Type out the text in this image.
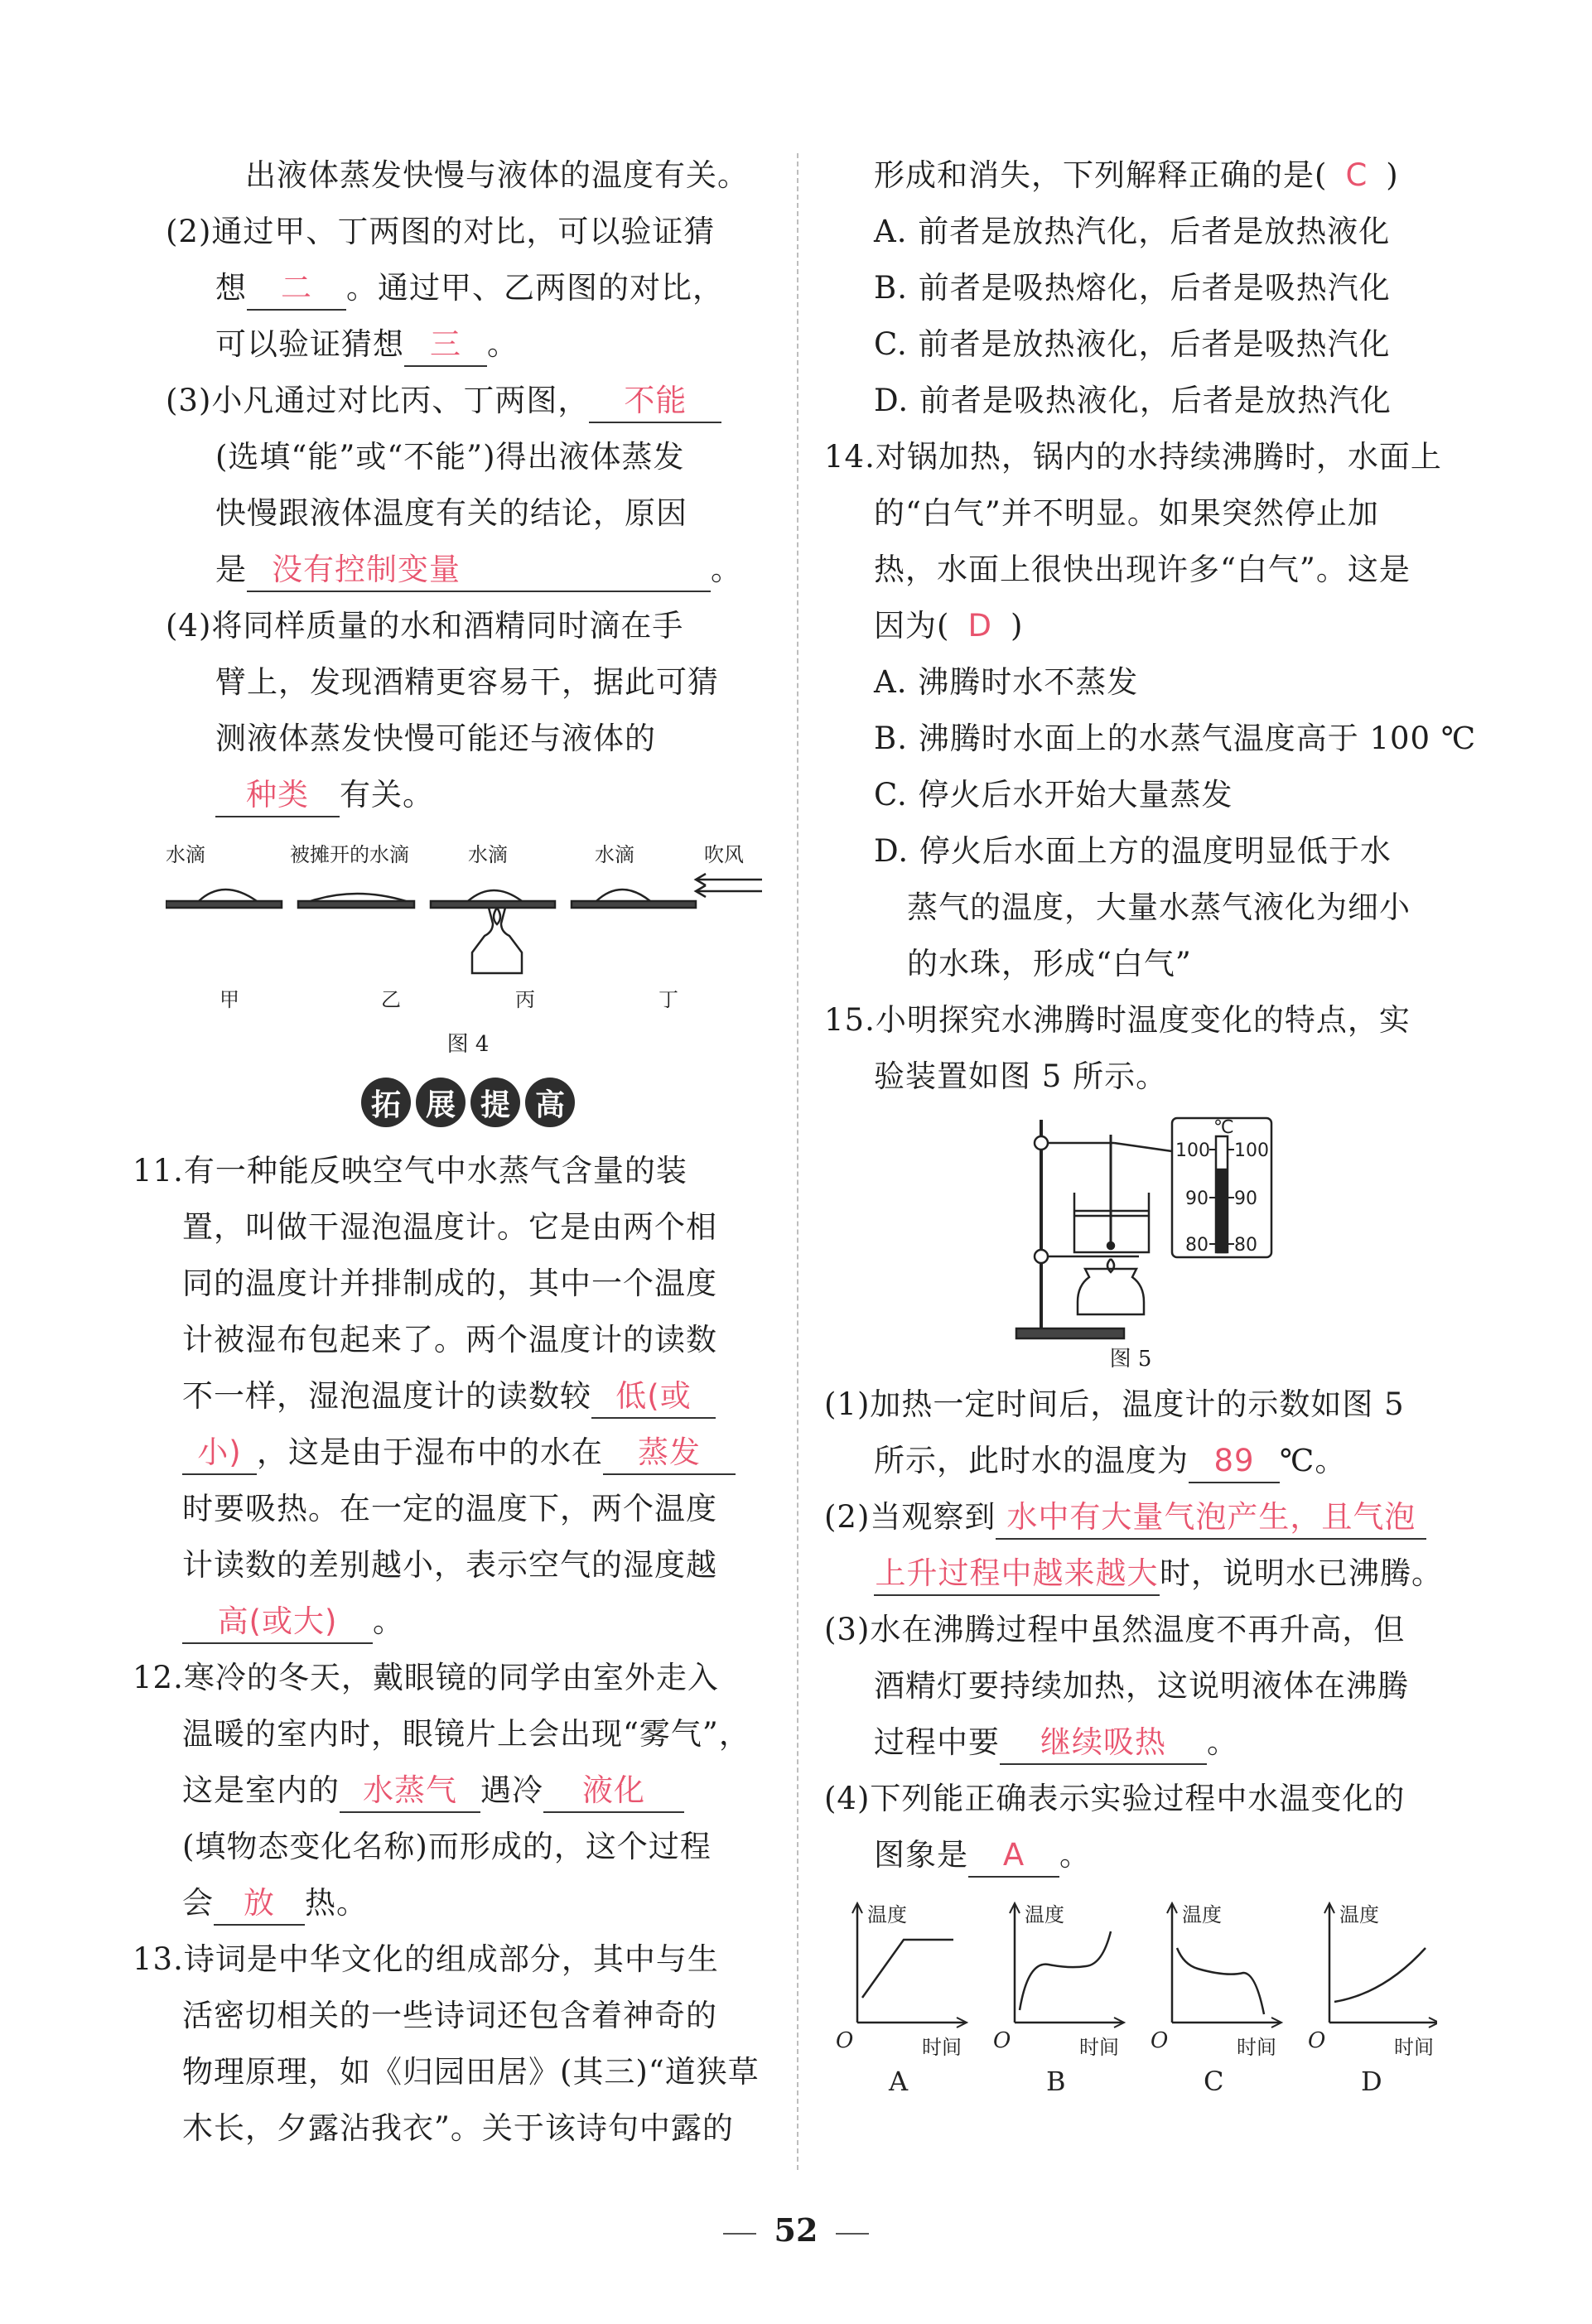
出液体蒸发快慢与液体的温度有关。

(2)通过甲、丁两图的对比，可以验证猜

想 二 。通过甲、乙两图的对比，

可以验证猜想 三 。

(3)小凡通过对比丙、丁两图， 不能

(选填“能”或“不能”)得出液体蒸发

快慢跟液体温度有关的结论，原因

是 没有控制变量	。

(4)将同样质量的水和酒精同时滴在手

臂上，发现酒精更容易干，据此可猜

测液体蒸发快慢可能还与液体的

种类 有关。

水滴	被摊开的水滴	水滴	水滴	吹风
甲	乙	丙	丁
图 4
拓 展 提 高

11.有一种能反映空气中水蒸气含量的装

置，叫做干湿泡温度计。它是由两个相

同的温度计并排制成的，其中一个温度

计被湿布包起来了。两个温度计的读数

不一样，湿泡温度计的读数较 低(或

小) ，这是由于湿布中的水在 蒸发

时要吸热。在一定的温度下，两个温度

计读数的差别越小，表示空气的湿度越

高(或大) 。

12.寒冷的冬天，戴眼镜的同学由室外走入

温暖的室内时，眼镜片上会出现“雾气”，

这是室内的 水蒸气 遇冷 液化

(填物态变化名称)而形成的，这个过程

会 放 热。

13.诗词是中华文化的组成部分，其中与生

活密切相关的一些诗词还包含着神奇的

物理原理，如《归园田居》(其三)“道狭草

木长，夕露沾我衣”。关于该诗句中露的

形成和消失，下列解释正确的是( C )

A. 前者是放热汽化，后者是放热液化

B. 前者是吸热熔化，后者是吸热汽化

C. 前者是放热液化，后者是吸热汽化

D. 前者是吸热液化，后者是放热汽化

14.对锅加热，锅内的水持续沸腾时，水面上

的“白气”并不明显。如果突然停止加

热，水面上很快出现许多“白气”。这是

因为( D )

A. 沸腾时水不蒸发

B. 沸腾时水面上的水蒸气温度高于 100 ℃

C. 停火后水开始大量蒸发

D. 停火后水面上方的温度明显低于水

蒸气的温度，大量水蒸气液化为细小

的水珠，形成“白气”

15.小明探究水沸腾时温度变化的特点，实

验装置如图 5 所示。

℃
100
90
80
100
90
80
图 5

(1)加热一定时间后，温度计的示数如图 5

所示，此时水的温度为 89 ℃。

(2)当观察到 水中有大量气泡产生，且气泡

上升过程中越来越大时，说明水已沸腾。

(3)水在沸腾过程中虽然温度不再升高，但

酒精灯要持续加热，这说明液体在沸腾

过程中要 继续吸热 。

(4)下列能正确表示实验过程中水温变化的

图象是 A 。

温度
时间
O
A
温度
时间
O
B
温度
时间
O
C
温度
时间
O
D
52
